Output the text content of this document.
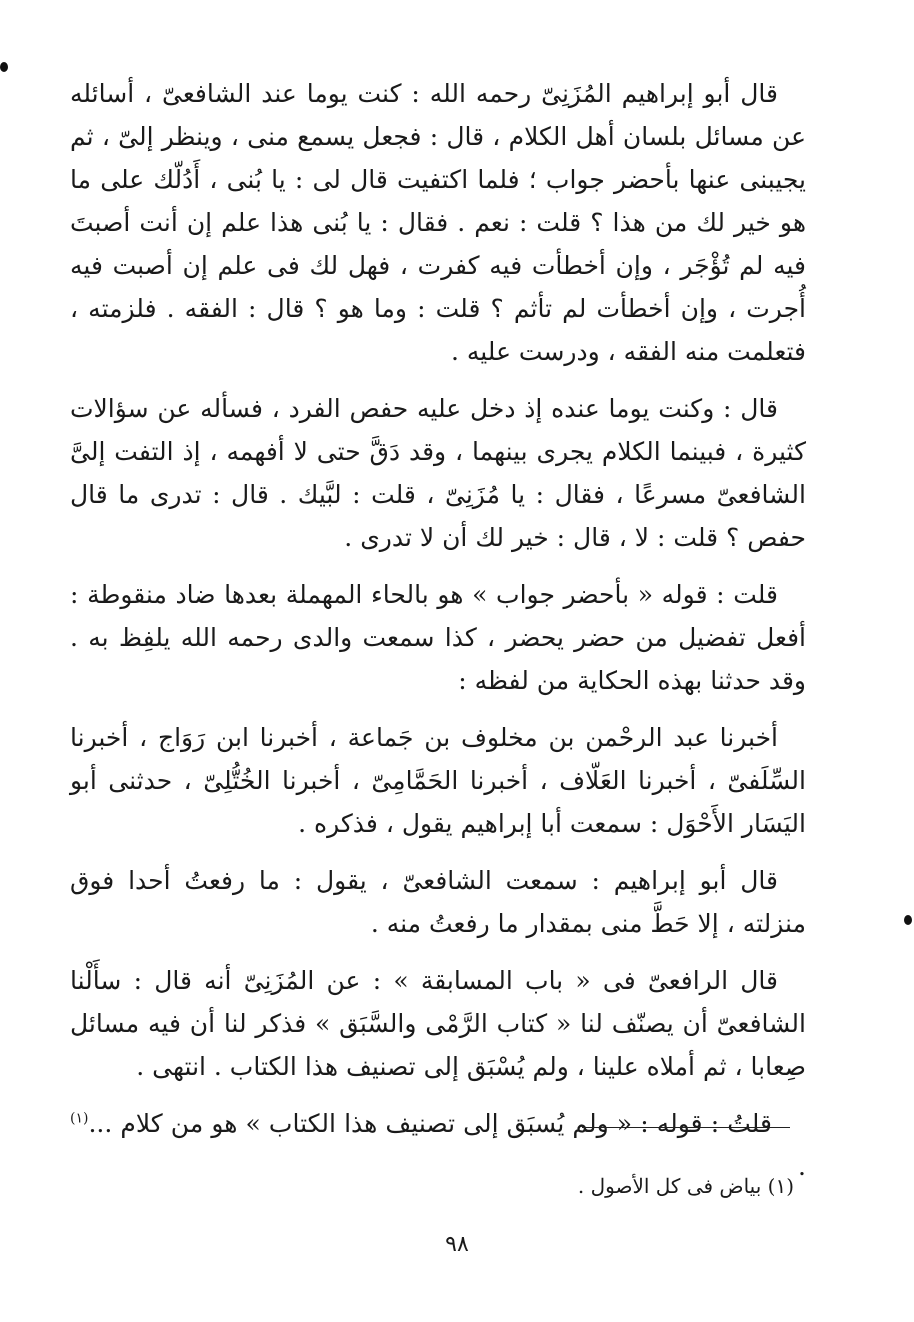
قال أبو إبراهيم المُزَنِىّ رحمه الله : كنت يوما عند الشافعىّ ، أسائله عن مسائل بلسان أهل الكلام ، قال : فجعل يسمع منى ، وينظر إلىّ ، ثم يجيبنى عنها بأحضر جواب ؛ فلما اكتفيت قال لى : يا بُنى ، أَدُلّك على ما هو خير لك من هذا ؟ قلت : نعم . فقال : يا بُنى هذا علم إن أنت أصبتَ فيه لم تُؤْجَر ، وإن أخطأت فيه كفرت ، فهل لك فى علم إن أصبت فيه أُجرت ، وإن أخطأت لم تأثم ؟ قلت : وما هو ؟ قال : الفقه . فلزمته ، فتعلمت منه الفقه ، ودرست عليه .

قال : وكنت يوما عنده إذ دخل عليه حفص الفرد ، فسأله عن سؤالات كثيرة ، فبينما الكلام يجرى بينهما ، وقد دَقَّ حتى لا أفهمه ، إذ التفت إلىَّ الشافعىّ مسرعًا ، فقال : يا مُزَنِىّ ، قلت : لبَّيك . قال : تدرى ما قال حفص ؟ قلت : لا ، قال : خير لك أن لا تدرى .

قلت : قوله « بأحضر جواب » هو بالحاء المهملة بعدها ضاد منقوطة : أفعل تفضيل من حضر يحضر ، كذا سمعت والدى رحمه الله يلفِظ به . وقد حدثنا بهذه الحكاية من لفظه :

أخبرنا عبد الرحْمن بن مخلوف بن جَماعة ، أخبرنا ابن رَوَاج ، أخبرنا السِّلَفىّ ، أخبرنا العَلّاف ، أخبرنا الحَمَّامِىّ ، أخبرنا الخُتُّلِىّ ، حدثنى أبو اليَسَار الأَحْوَل : سمعت أبا إبراهيم يقول ، فذكره .

قال أبو إبراهيم : سمعت الشافعىّ ، يقول : ما رفعتُ أحدا فوق منزلته ، إلا حَطَّ منى بمقدار ما رفعتُ منه .

قال الرافعىّ فى « باب المسابقة » : عن المُزَنِىّ أنه قال : سأَلْنا الشافعىّ أن يصنّف لنا « كتاب الرَّمْى والسَّبَق » فذكر لنا أن فيه مسائل صِعابا ، ثم أملاه علينا ، ولم يُسْبَق إلى تصنيف هذا الكتاب . انتهى .

قلتُ : قوله : « ولم يُسبَق إلى تصنيف هذا الكتاب » هو من كلام ...$^{(١)}$ .

(١) بياض فى كل الأصول .
٩٨
